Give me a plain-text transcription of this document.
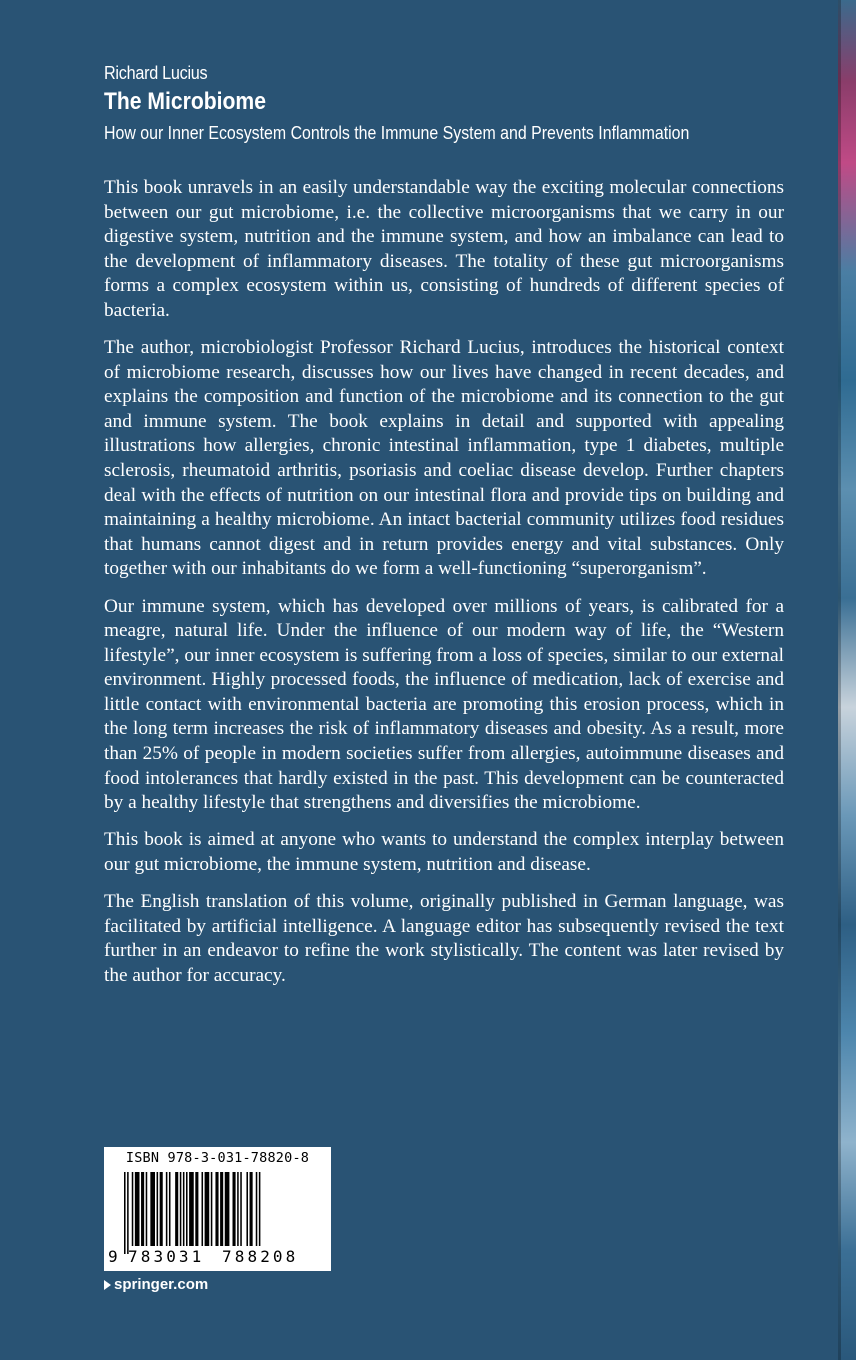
Richard Lucius
The Microbiome
How our Inner Ecosystem Controls the Immune System and Prevents Inflammation

This book unravels in an easily understandable way the exciting molecular connections between our gut microbiome, i.e. the collective microorganisms that we carry in our digestive system, nutrition and the immune system, and how an imbalance can lead to the development of inflammatory diseases. The totality of these gut microorganisms forms a complex ecosystem within us, consisting of hundreds of different species of bacteria.

The author, microbiologist Professor Richard Lucius, introduces the historical context of microbiome research, discusses how our lives have changed in recent decades, and explains the composition and function of the microbiome and its connection to the gut and immune system. The book explains in detail and supported with appealing illustrations how allergies, chronic intestinal inflammation, type 1 diabetes, multiple sclerosis, rheumatoid arthritis, psoriasis and coeliac disease develop. Further chapters deal with the effects of nutrition on our intestinal flora and provide tips on building and maintaining a healthy microbiome. An intact bacterial community utilizes food residues that humans cannot digest and in return provides energy and vital substances. Only together with our inhabitants do we form a well-functioning “superorganism”.

Our immune system, which has developed over millions of years, is calibrated for a meagre, natural life. Under the influence of our modern way of life, the “Western lifestyle”, our inner ecosystem is suffering from a loss of species, similar to our external environment. Highly processed foods, the influence of medication, lack of exercise and little contact with environmental bacteria are promoting this erosion process, which in the long term increases the risk of inflammatory diseases and obesity. As a result, more than 25% of people in modern societies suffer from allergies, autoimmune diseases and food intolerances that hardly existed in the past. This development can be counteracted by a healthy lifestyle that strengthens and diversifies the microbiome.

This book is aimed at anyone who wants to understand the complex interplay between our gut microbiome, the immune system, nutrition and disease.

The English translation of this volume, originally published in German language, was facilitated by artificial intelligence. A language editor has subsequently revised the text further in an endeavor to refine the work stylistically. The content was later revised by the author for accuracy.

ISBN 978-3-031-78820-8
9 783031 788208
springer.com
